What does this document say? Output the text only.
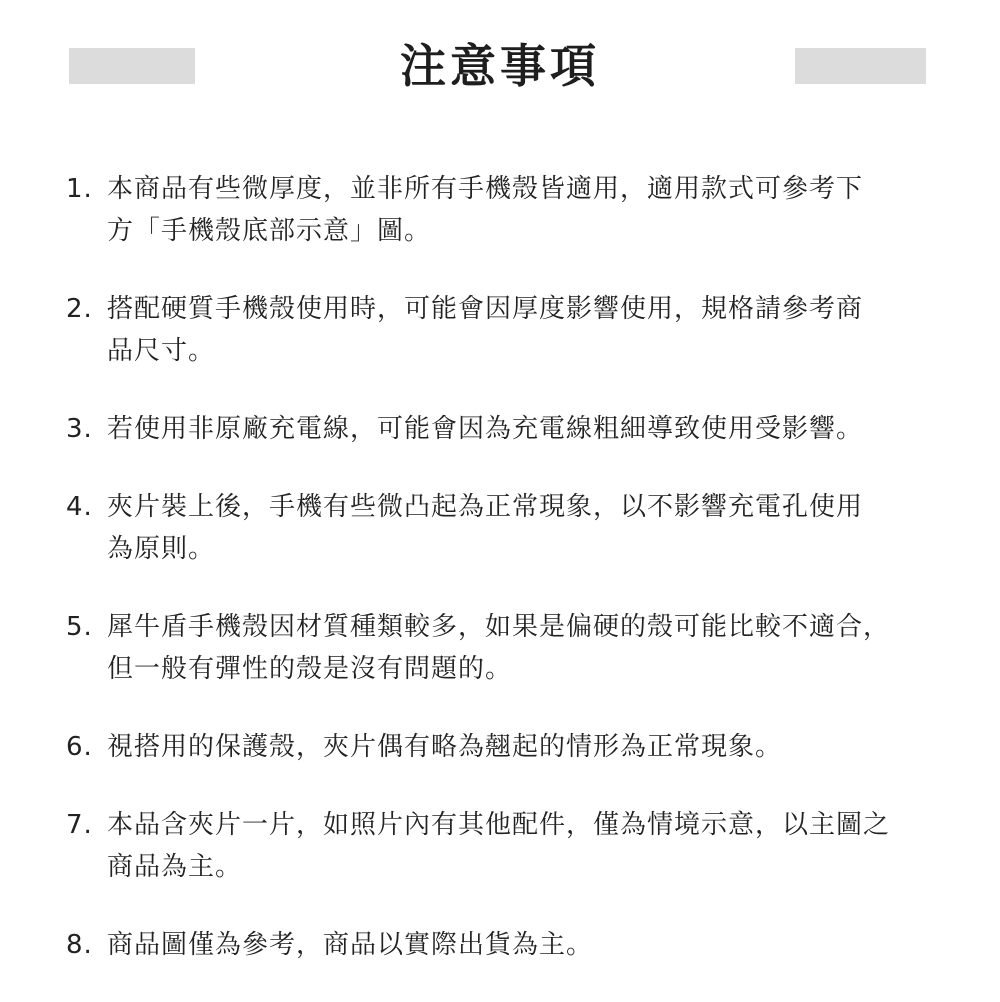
注意事項
1. 本商品有些微厚度，並非所有手機殼皆適用，適用款式可參考下
方「手機殼底部示意」圖。
2. 搭配硬質手機殼使用時，可能會因厚度影響使用，規格請參考商
品尺寸。
3. 若使用非原廠充電線，可能會因為充電線粗細導致使用受影響。
4. 夾片裝上後，手機有些微凸起為正常現象，以不影響充電孔使用
為原則。
5. 犀牛盾手機殼因材質種類較多，如果是偏硬的殼可能比較不適合，
但一般有彈性的殼是沒有問題的。
6. 視搭用的保護殼，夾片偶有略為翹起的情形為正常現象。
7. 本品含夾片一片，如照片內有其他配件，僅為情境示意，以主圖之
商品為主。
8. 商品圖僅為參考，商品以實際出貨為主。
